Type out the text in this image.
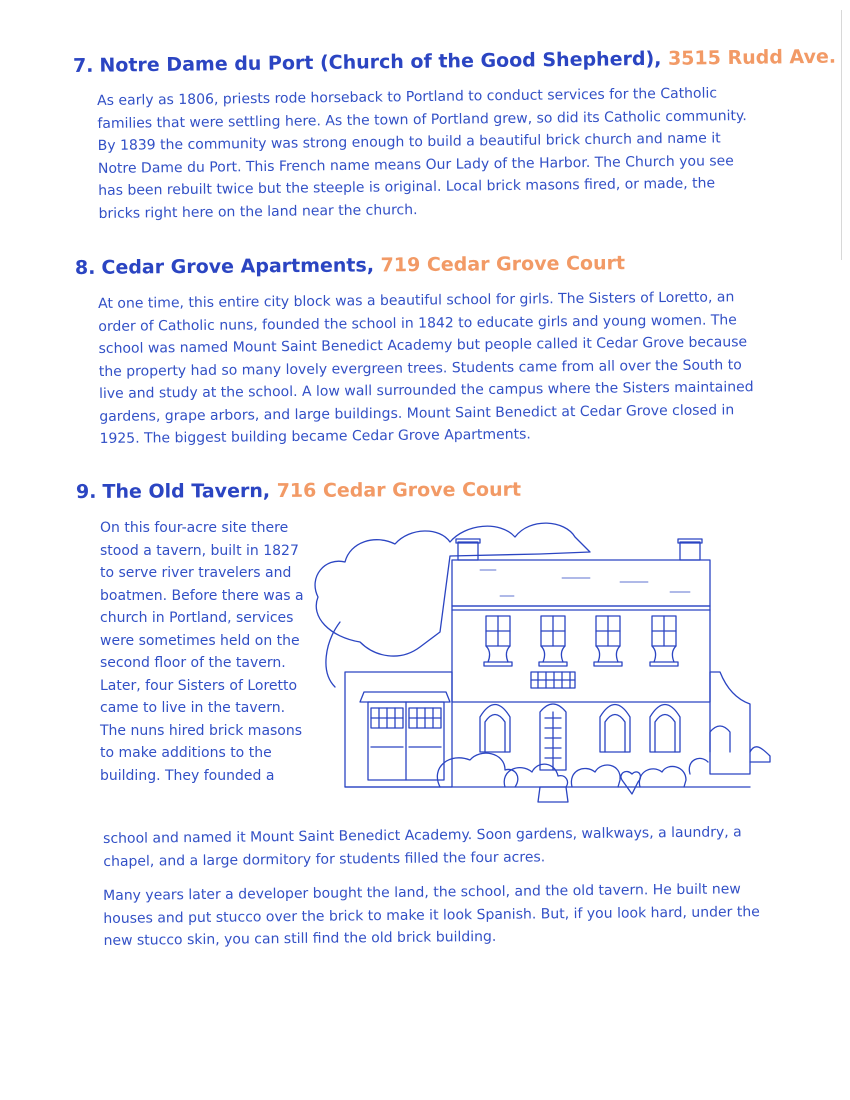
7. Notre Dame du Port (Church of the Good Shepherd), 3515 Rudd Ave.

As early as 1806, priests rode horseback to Portland to conduct services for the Catholic families that were settling here. As the town of Portland grew, so did its Catholic community. By 1839 the community was strong enough to build a beautiful brick church and name it Notre Dame du Port. This French name means Our Lady of the Harbor. The Church you see has been rebuilt twice but the steeple is original. Local brick masons fired, or made, the bricks right here on the land near the church.

8. Cedar Grove Apartments, 719 Cedar Grove Court

At one time, this entire city block was a beautiful school for girls. The Sisters of Loretto, an order of Catholic nuns, founded the school in 1842 to educate girls and young women. The school was named Mount Saint Benedict Academy but people called it Cedar Grove because the property had so many lovely evergreen trees. Students came from all over the South to live and study at the school. A low wall surrounded the campus where the Sisters maintained gardens, grape arbors, and large buildings. Mount Saint Benedict at Cedar Grove closed in 1925. The biggest building became Cedar Grove Apartments.

9. The Old Tavern, 716 Cedar Grove Court

On this four-acre site there stood a tavern, built in 1827 to serve river travelers and boatmen. Before there was a church in Portland, services were sometimes held on the second floor of the tavern. Later, four Sisters of Loretto came to live in the tavern. The nuns hired brick masons to make additions to the building. They founded a

school and named it Mount Saint Benedict Academy. Soon gardens, walkways, a laundry, a chapel, and a large dormitory for students filled the four acres.

Many years later a developer bought the land, the school, and the old tavern. He built new houses and put stucco over the brick to make it look Spanish. But, if you look hard, under the new stucco skin, you can still find the old brick building.
